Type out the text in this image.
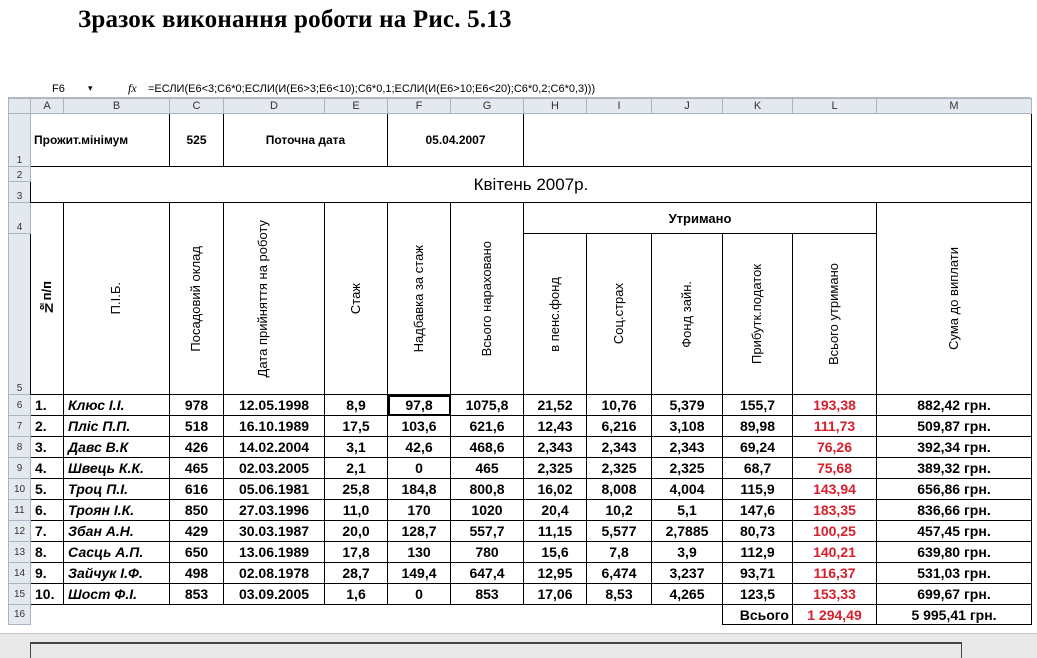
Зразок виконання роботи на Рис. 5.13
F6	▾	fx	=ЕСЛИ(E6<3;C6*0;ЕСЛИ(И(E6>3;E6<10);C6*0,1;ЕСЛИ(И(E6>10;E6<20);C6*0,2;C6*0,3)))
	A	B	C	D	E	F	G	H	I	J	K	L	M
1	Прожит.мінімум		525	Поточна дата		05.04.2007							
2	Квітень 2007р.												
3													
4	№п/п	П.І.Б.	Посадовий оклад	Дата прийняття на роботу	Стаж	Надбавка за стаж	Всього нараховано	Утримано					Сума до виплати

5								в пенс.фонд	Соц.страх	Фонд зайн.	Прибутк.податок	Всього утримано	

6	1.	Клюс І.І.	978	12.05.1998	8,9	97,8	1075,8	21,52	10,76	5,379	155,7	193,38	882,42 грн.
7	2.	Пліс П.П.	518	16.10.1989	17,5	103,6	621,6	12,43	6,216	3,108	89,98	111,73	509,87 грн.
8	3.	Давс В.К	426	14.02.2004	3,1	42,6	468,6	2,343	2,343	2,343	69,24	76,26	392,34 грн.
9	4.	Швець К.К.	465	02.03.2005	2,1	0	465	2,325	2,325	2,325	68,7	75,68	389,32 грн.
10	5.	Троц П.І.	616	05.06.1981	25,8	184,8	800,8	16,02	8,008	4,004	115,9	143,94	656,86 грн.
11	6.	Троян І.К.	850	27.03.1996	11,0	170	1020	20,4	10,2	5,1	147,6	183,35	836,66 грн.
12	7.	Збан А.Н.	429	30.03.1987	20,0	128,7	557,7	11,15	5,577	2,7885	80,73	100,25	457,45 грн.
13	8.	Сасць А.П.	650	13.06.1989	17,8	130	780	15,6	7,8	3,9	112,9	140,21	639,80 грн.
14	9.	Зайчук І.Ф.	498	02.08.1978	28,7	149,4	647,4	12,95	6,474	3,237	93,71	116,37	531,03 грн.
15	10.	Шост Ф.І.	853	03.09.2005	1,6	0	853	17,06	8,53	4,265	123,5	153,33	699,67 грн.
16											Всього	1 294,49	5 995,41 грн.
